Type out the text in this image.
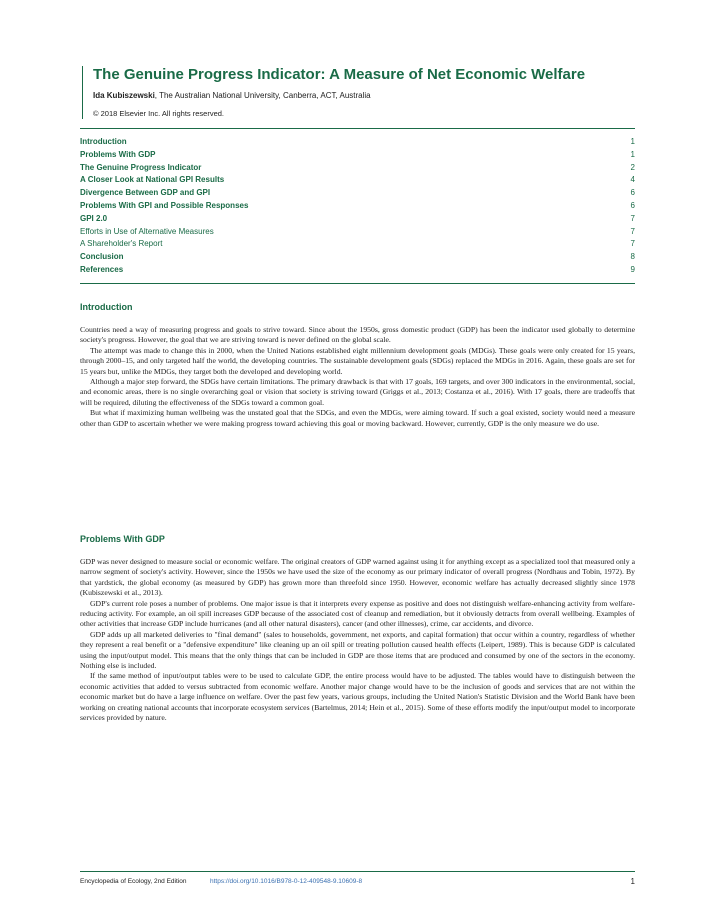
The Genuine Progress Indicator: A Measure of Net Economic Welfare
Ida Kubiszewski, The Australian National University, Canberra, ACT, Australia
© 2018 Elsevier Inc. All rights reserved.
Introduction	1
Problems With GDP	1
The Genuine Progress Indicator	2
A Closer Look at National GPI Results	4
Divergence Between GDP and GPI	6
Problems With GPI and Possible Responses	6
GPI 2.0	7
Efforts in Use of Alternative Measures	7
A Shareholder's Report	7
Conclusion	8
References	9
Introduction

Countries need a way of measuring progress and goals to strive toward. Since about the 1950s, gross domestic product (GDP) has been the indicator used globally to determine society's progress. However, the goal that we are striving toward is never defined on the global scale.

The attempt was made to change this in 2000, when the United Nations established eight millennium development goals (MDGs). These goals were only created for 15 years, through 2000–15, and only targeted half the world, the developing countries. The sustainable development goals (SDGs) replaced the MDGs in 2016. Again, these goals are set for 15 years but, unlike the MDGs, they target both the developed and developing world.

Although a major step forward, the SDGs have certain limitations. The primary drawback is that with 17 goals, 169 targets, and over 300 indicators in the environmental, social, and economic areas, there is no single overarching goal or vision that society is striving toward (Griggs et al., 2013; Costanza et al., 2016). With 17 goals, there are tradeoffs that will be required, diluting the effectiveness of the SDGs toward a common goal.

But what if maximizing human wellbeing was the unstated goal that the SDGs, and even the MDGs, were aiming toward. If such a goal existed, society would need a measure other than GDP to ascertain whether we were making progress toward achieving this goal or moving backward. However, currently, GDP is the only measure we do use.

Problems With GDP

GDP was never designed to measure social or economic welfare. The original creators of GDP warned against using it for anything except as a specialized tool that measured only a narrow segment of society's activity. However, since the 1950s we have used the size of the economy as our primary indicator of overall progress (Nordhaus and Tobin, 1972). By that yardstick, the global economy (as measured by GDP) has grown more than threefold since 1950. However, economic welfare has actually decreased slightly since 1978 (Kubiszewski et al., 2013).

GDP's current role poses a number of problems. One major issue is that it interprets every expense as positive and does not distinguish welfare-enhancing activity from welfare-reducing activity. For example, an oil spill increases GDP because of the associated cost of cleanup and remediation, but it obviously detracts from overall wellbeing. Examples of other activities that increase GDP include hurricanes (and all other natural disasters), cancer (and other illnesses), crime, car accidents, and divorce.

GDP adds up all marketed deliveries to "final demand" (sales to households, government, net exports, and capital formation) that occur within a country, regardless of whether they represent a real benefit or a "defensive expenditure" like cleaning up an oil spill or treating pollution caused health effects (Leipert, 1989). This is because GDP is calculated using the input/output model. This means that the only things that can be included in GDP are those items that are produced and consumed by one of the sectors in the economy. Nothing else is included.

If the same method of input/output tables were to be used to calculate GDP, the entire process would have to be adjusted. The tables would have to distinguish between the economic activities that added to versus subtracted from economic welfare. Another major change would have to be the inclusion of goods and services that are not within the economic market but do have a large influence on welfare. Over the past few years, various groups, including the United Nation's Statistic Division and the World Bank have been working on creating national accounts that incorporate ecosystem services (Bartelmus, 2014; Hein et al., 2015). Some of these efforts modify the input/output model to incorporate services provided by nature.

Encyclopedia of Ecology, 2nd Edition	https://doi.org/10.1016/B978-0-12-409548-9.10609-8	1
